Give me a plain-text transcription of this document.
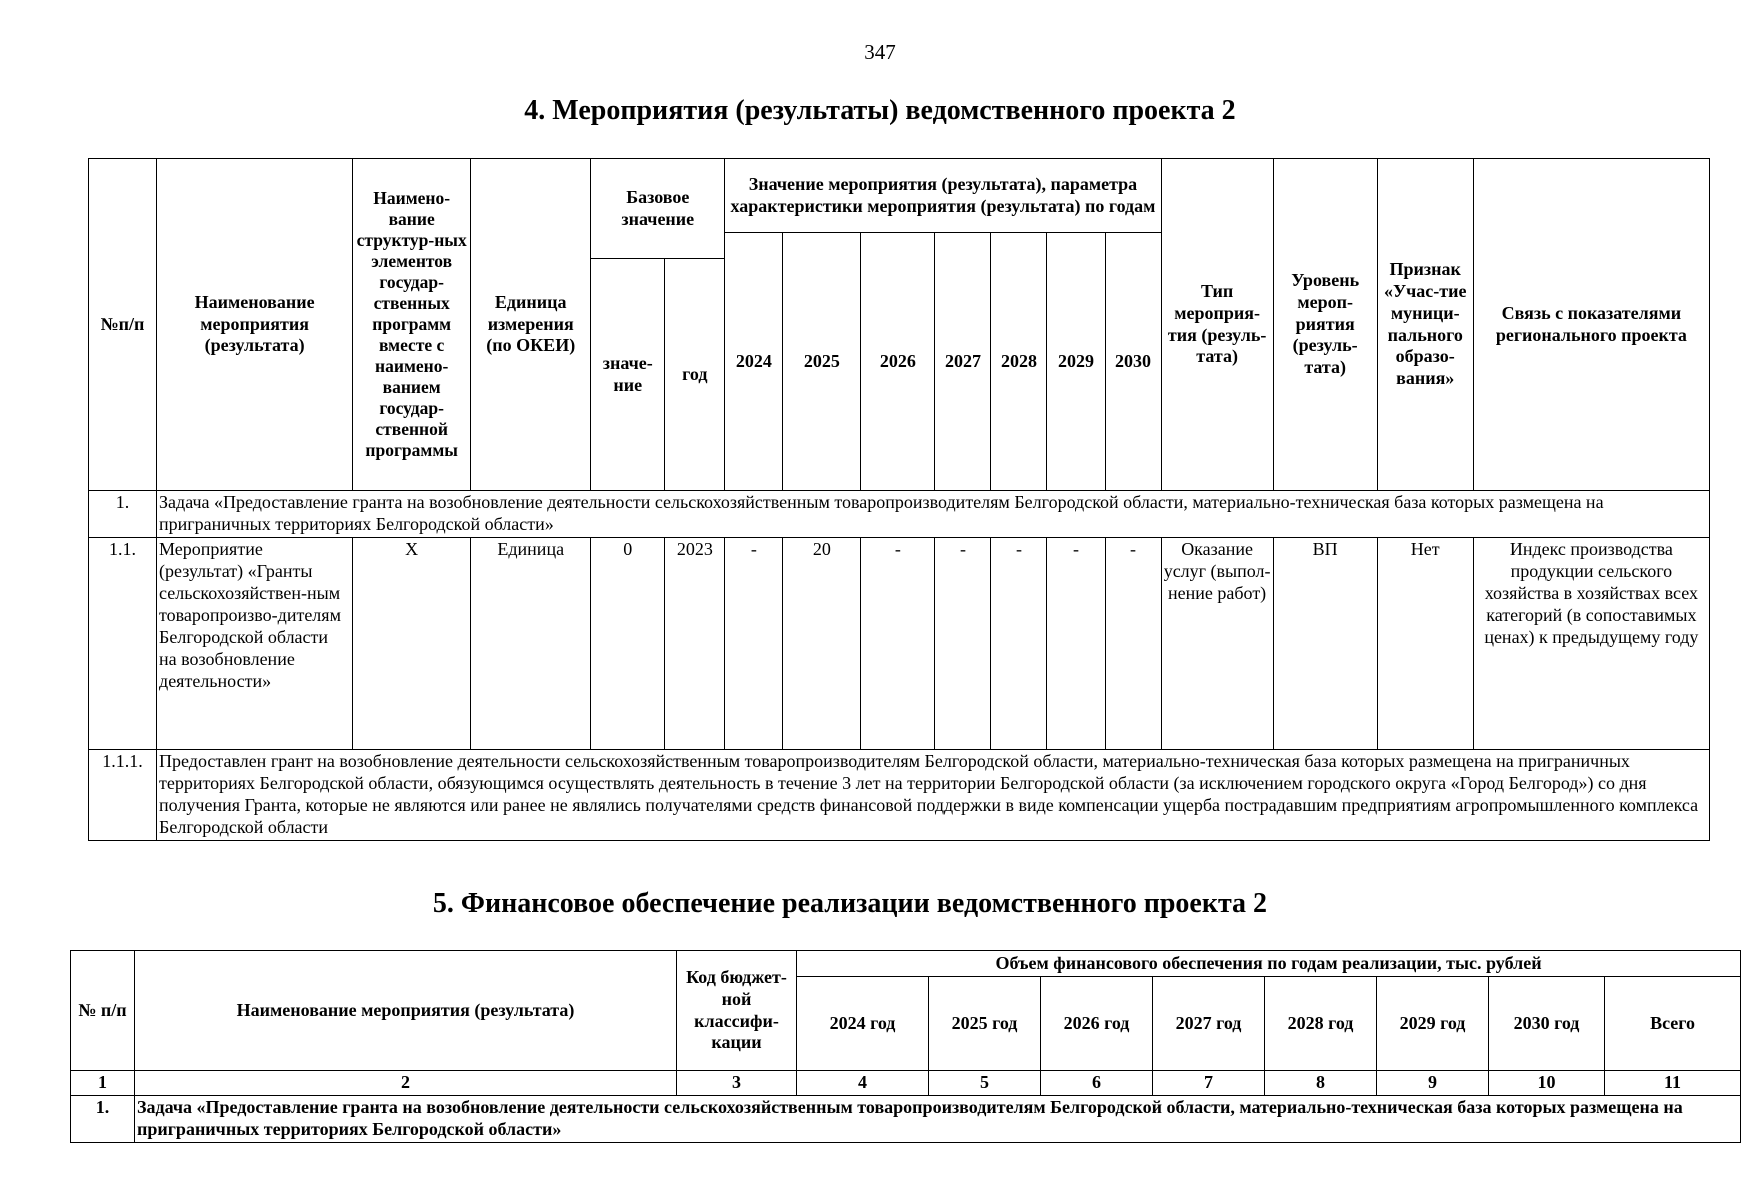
347
4. Мероприятия (результаты) ведомственного проекта 2
№п/п	Наименование мероприятия (результата)	Наимено-вание структур-ных элементов государ-ственных программ вместе с наимено-ванием государ-ственной программы	Единица измерения (по ОКЕИ)	Базовое значение		Значение мероприятия (результата), параметра характеристики мероприятия (результата) по годам							Тип мероприя-тия (резуль-тата)	Уровень мероп-риятия (резуль-тата)	Признак «Учас-тие муници-пального образо-вания»	Связь с показателями регионального проекта
						2024	2025	2026	2027	2028	2029	2030				
				значе-ние	год											
1.	Задача «Предоставление гранта на возобновление деятельности сельскохозяйственным товаропроизводителям Белгородской области, материально-техническая база которых размещена на приграничных территориях Белгородской области»															
1.1.	Мероприятие (результат) «Гранты сельскохозяйствен-ным товаропроизво-дителям Белгородской области на возобновление деятельности»	Х	Единица	0	2023	-	20	-	-	-	-	-	Оказание услуг (выпол-нение работ)	ВП	Нет	Индекс производства продукции сельского хозяйства в хозяйствах всех категорий (в сопоставимых ценах) к предыдущему году
1.1.1.	Предоставлен грант на возобновление деятельности сельскохозяйственным товаропроизводителям Белгородской области, материально-техническая база которых размещена на приграничных территориях Белгородской области, обязующимся осуществлять деятельность в течение 3 лет на территории Белгородской области (за исключением городского округа «Город Белгород») со дня получения Гранта, которые не являются или ранее не являлись получателями средств финансовой поддержки в виде компенсации ущерба пострадавшим предприятиям агропромышленного комплекса Белгородской области															
5. Финансовое обеспечение реализации ведомственного проекта 2
№ п/п	Наименование мероприятия (результата)	Код бюджет-ной классифи-кации	Объем финансового обеспечения по годам реализации, тыс. рублей							
			2024 год	2025 год	2026 год	2027 год	2028 год	2029 год	2030 год	Всего
1	2	3	4	5	6	7	8	9	10	11
1.	Задача «Предоставление гранта на возобновление деятельности сельскохозяйственным товаропроизводителям Белгородской области, материально-техническая база которых размещена на приграничных территориях Белгородской области»									
